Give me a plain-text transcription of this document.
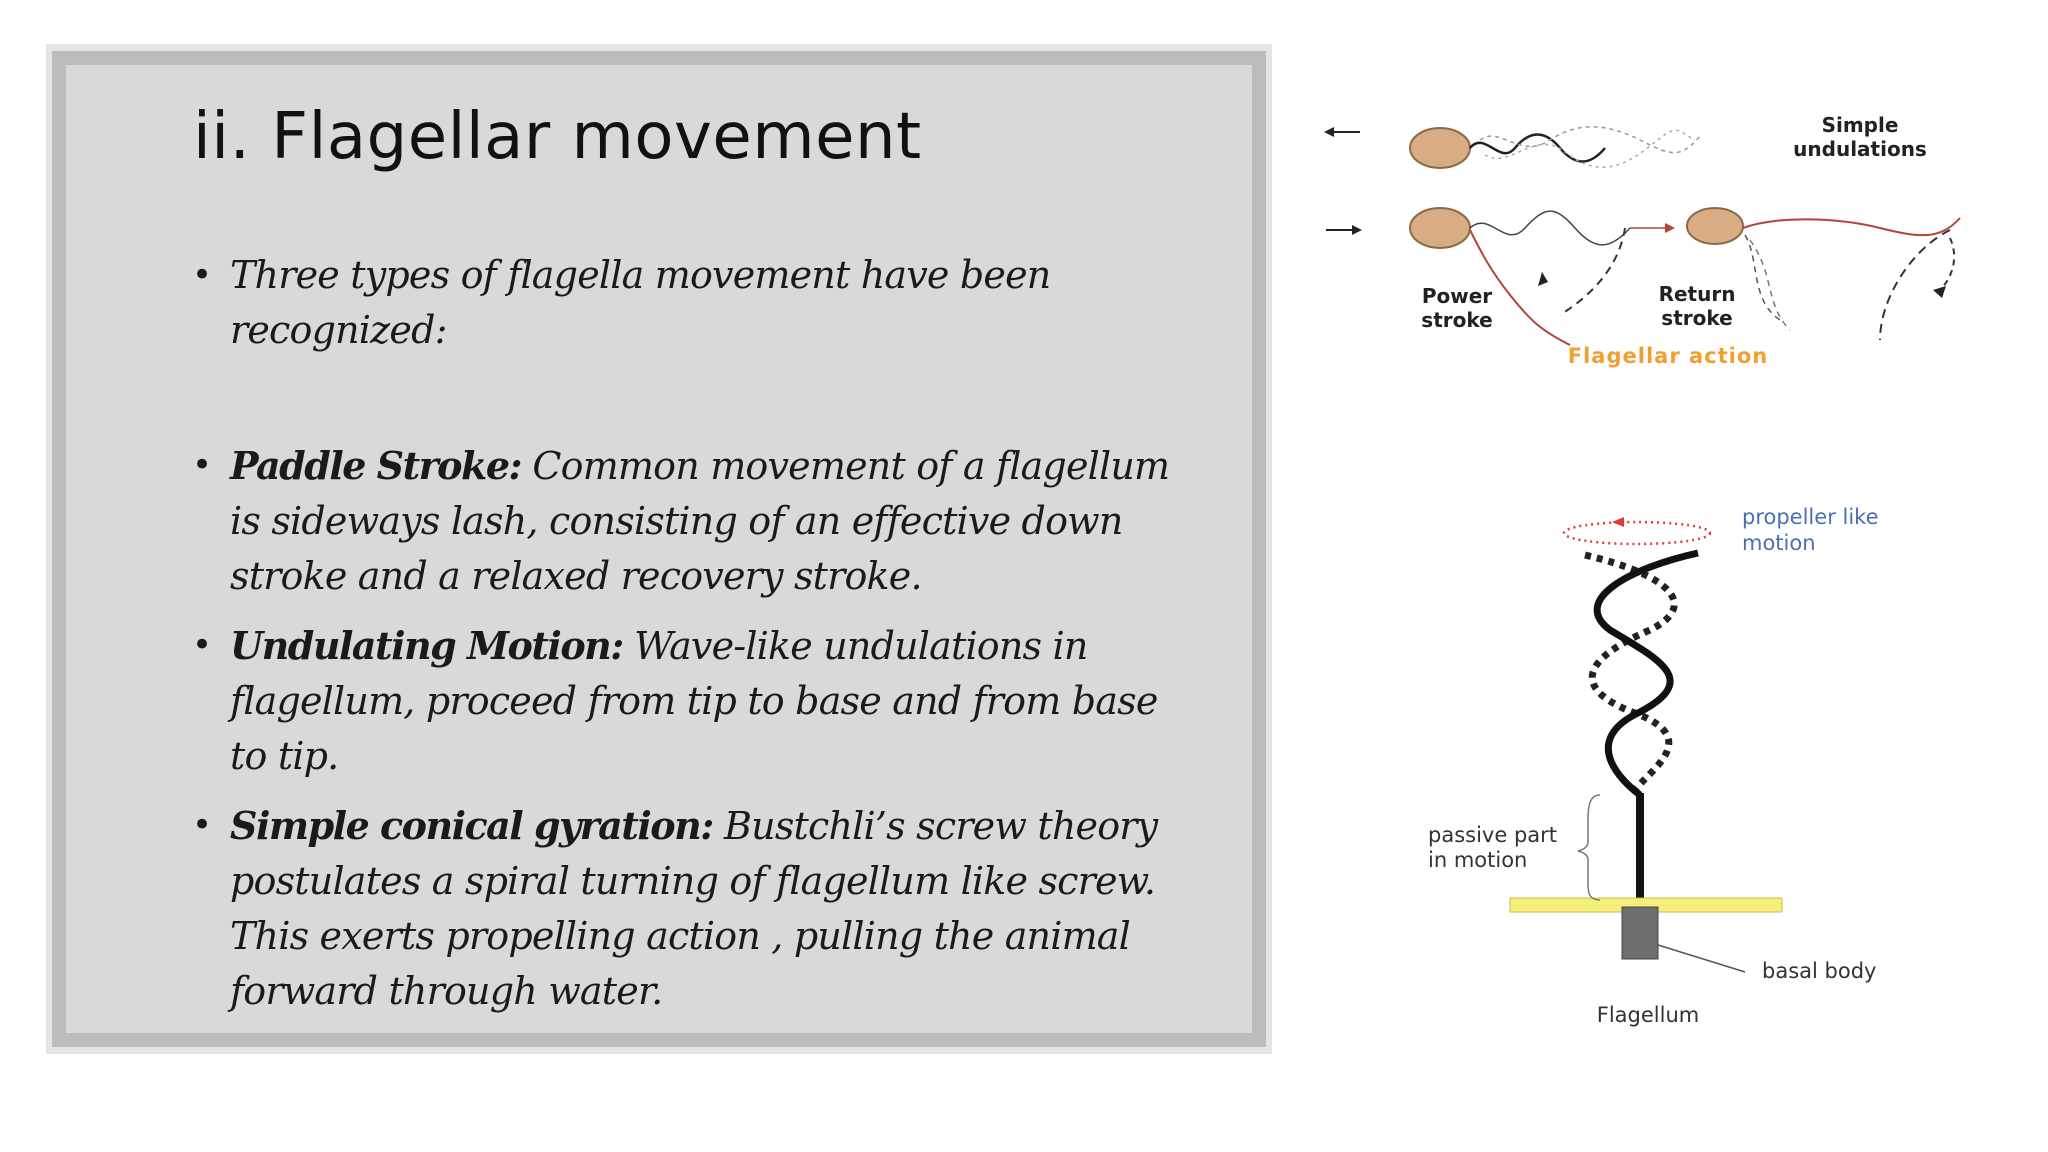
ii. Flagellar movement
• Three types of flagella movement have been recognized:
• Paddle Stroke: Common movement of a flagellum is sideways lash, consisting of an effective down stroke and a relaxed recovery stroke.
• Undulating Motion: Wave-like undulations in flagellum, proceed from tip to base and from base to tip.
• Simple conical gyration: Bustchli’s screw theory postulates a spiral turning of flagellum like screw. This exerts propelling action , pulling the animal forward through water.
Simple
undulations
Power
stroke
Return
stroke
Flagellar action
propeller like
motion
passive part
in motion
basal body
Flagellum
